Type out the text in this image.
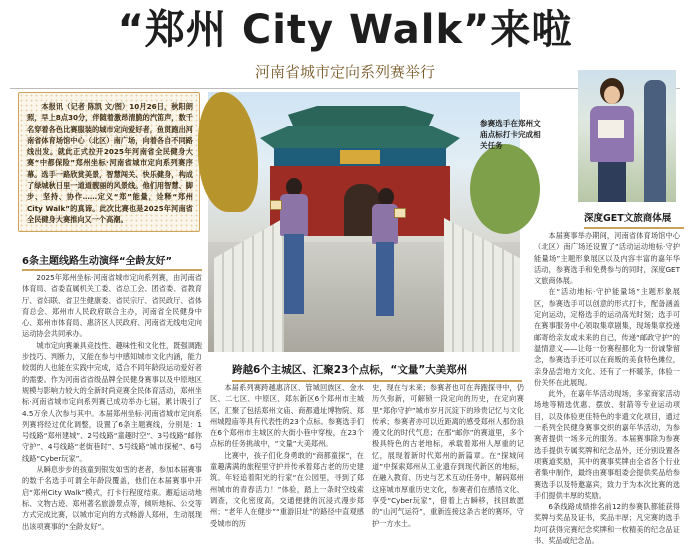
“郑州 City Walk”来啦
河南省城市定向系列赛举行

本报讯（记者 陈凯 文/图）10月26日，秋阳朗照，早上8点30分，伴随着激昂清脆的汽笛声，数千名穿着各色比赛服装的城市定向爱好者，鱼贯跑出河南省体育场馆中心（北区）南广场，向着各自不同路线出发。就此正式拉开2025年河南省全民健身大赛“中都保险”郑州坐标·河南省城市定向系列赛序幕。选手一路欣赏美景，智慧闯关、快乐健身，构成了绿城秋日里一道道靓丽的风景线。他们用智慧、脚步、坚持、协作……定义“郑”能量，诠释“郑州City Walk”的真谛。此次比赛也是2025年河南省全民健身大赛推向又一个高潮。

6条主题线路生动演绎“全龄友好”

2025年郑州坐标·河南省城市定向系列赛，由河南省体育局、省委直属机关工委、省总工会、团省委、省教育厅、省妇联、省卫生健康委、省民宗厅、省民政厅、省体育总会、郑州市人民政府联合主办，河南省全民健身中心、郑州市体育局、惠济区人民政府、河南省无线电定向运动协会共同承办。

城市定向赛兼具竞技性、趣味性和文化性，既强调跑步技巧、判断力，又能在参与中感知城市文化内涵，能力较弱的人也能在实践中完成，适合不同年龄段运动爱好者的需要。作为河南省省级品牌全民健身赛事以及中原地区规模与影响力较大的全新时尚竞赛全民体育活动，郑州坐标·河南省城市定向系列赛已成功举办七届，累计吸引了4.5万余人次参与其中。本届郑州坐标·河南省城市定向系列赛将经过优化调整，设置了6条主题赛线，分别是：1号线路“郑州建城”、2号线路“童趣时空”、3号线路“邮你守护”、4号线路“老街巷时”、5号线路“城市探秘”、6号线路“Cyber玩家”。

从瞬息步步的孩童到银发如雪的老者，参加本届赛事的数千名选手可谓全年龄段覆盖，他们在本届赛事中开启“郑州City Walk”模式，打卡行程度结束。邂逅运动地标、文物古迹、郑州著名旅游景点等，倾听地标、公交等方式完成比赛，以城市定向的方式畅游人郑州，生动展现出该项赛事的“全龄友好”。

参赛选手在郑州文庙点标打卡完成相关任务
跨越6个主城区、汇聚23个点标，“文量”大美郑州

本届系列赛跨越惠济区、管城回族区、金水区、二七区、中原区、郑东新区6个郑州市主城区，汇聚了包括郑州文庙、商都遗址博物院、郑州城隍庙等具有代表性的23个点标。参赛选手们在6个郑州市主城区的大街小巷中穿梭，在23个点标的任务挑战中，“文量”大美郑州。

比赛中，孩子们化身勇敢的“商都童探”，在童趣满满的旅程里守护并传承着郑古老的历史建筑。年轻追着阳光的行家“在公园里，寻到了郑州城市的青春活力！”体验，踏上一条时空线索调查，文化密度高，交通便捷的沉浸式漫步郑州；“老年人在健步”“重游旧址”的路径中直观感受城市的历

史，现在与未来；参赛者也可在奔跑探寻中，仍历久弥新，可解锁一段定向的历史，在定向赛里“郑你守护”城市岁月沉淀下的珍贵记忆与文化传承；参赛者亦可以近距离的感受郑州人那份浪漫文化的时代气息；在那“邮你”的赛道里，多个极具特色的古老地标，承载着郑州人厚重的记忆，展现着新时代郑州的新篇章。在“探城问道”中探索郑州从工业遗存到现代新区的地标，在融入教育、历史与艺术互动任务中，解码郑州这座城市厚重历史文化，参赛者们在感悟文化、享受“Cyber玩家”，借着上古瞬移，找回敢愿的“山河气运符”，重新连接这条古老的赛环，守护一方水土。

深度GET文旅商体展

本届赛事举办期间，河南省体育场馆中心（北区）南广场还设置了“活动运动地标·守护能量场”主题形象展区以及内容丰富的嘉年华活动，参赛选手和免费参与的同时，深度GET文旅商体展。

在“活动地标·守护能量场”主题形象展区，参赛选手可以创意的形式打卡，配备涵盖定向运动，定格选手的运动高光时刻；选手可在赛事服务中心领取集章剧集，现场集章投递邮寄给亲友或未来的自己，传递“邮政守护”的温情意义——让每一份赛程都化为一份诚挚留念，参赛选手还可以在商贩的美食特色摊位，亲身品尝地方文化、还有了一杯暖茶，体验一份关怀在此展现。

此外，在嘉年华活动现场，多家商家活动场地等精选优惠、摆放、射箭等专业运动项目，以及体验更佳特色的非遗文化项目，通过一系列全民健身赛事交织的嘉年华活动，为参赛者提供一场多元的服务。本届赛事除为参赛选手提供专属奖牌和纪念品外，还分别设置各项赛道奖励，其中的赛事奖牌由全省各个行业者集中制作，最终由赛事组委会提供奖品给参赛选手以及特邀嘉宾，致力于为本次比赛的选手们提供丰厚的奖励。

6条线路成绩排名前12的参赛队都能获得奖牌与奖品及证书，奖品丰厚；凡完赛的选手均可获得完赛纪念奖牌和一枚精美的纪念品证书、奖品或纪念品。
